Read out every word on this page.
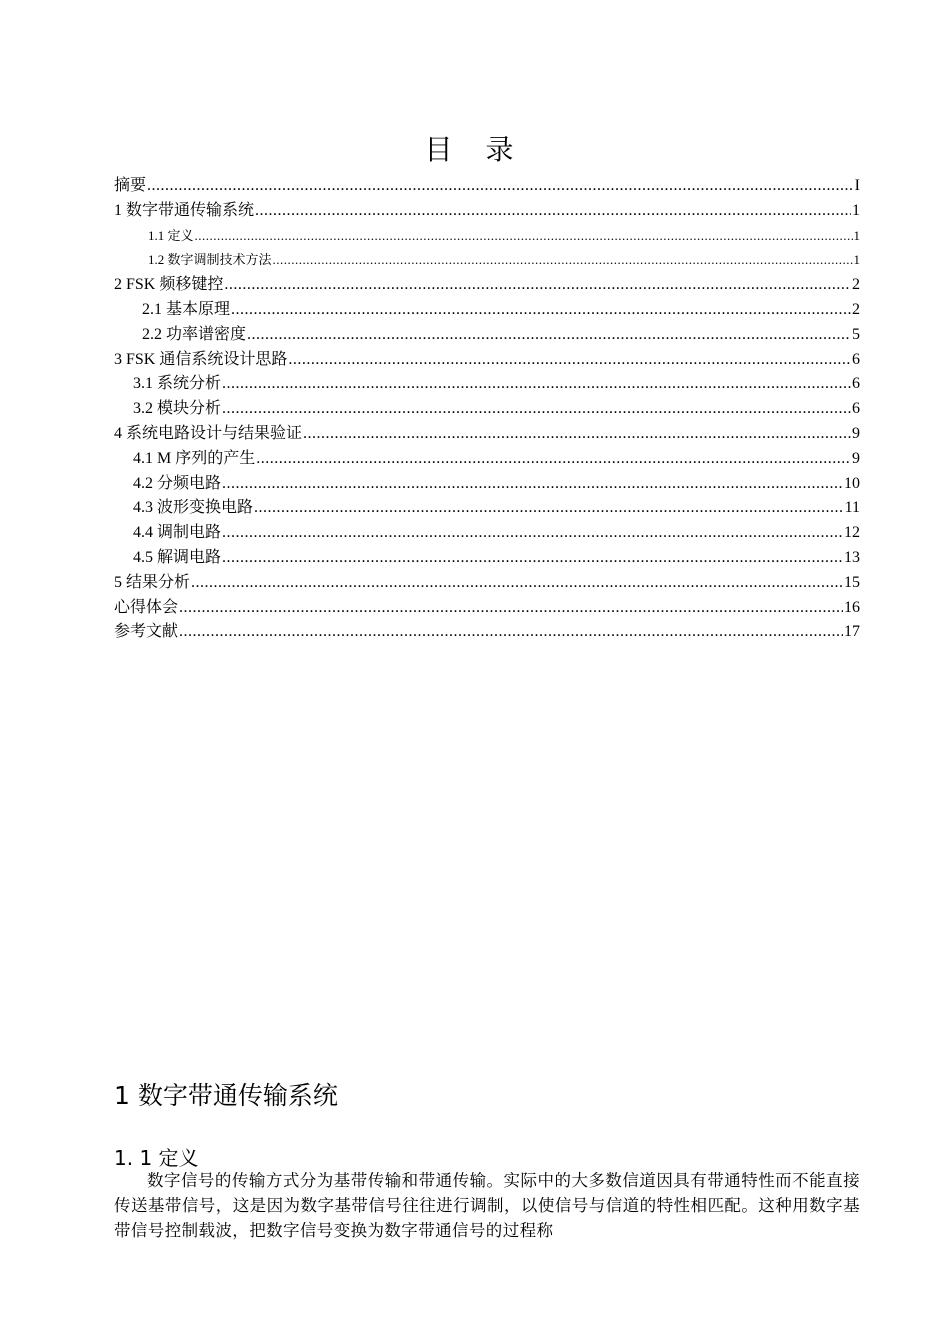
目 录
摘要 .....	I
1 数字带通传输系统 .....	1
1.1 定义 .....	1
1.2 数字调制技术方法 .....	1
2 FSK 频移键控 .....	2
2.1 基本原理 .....	2
2.2 功率谱密度 .....	5
3 FSK 通信系统设计思路 .....	6
3.1 系统分析 .....	6
3.2 模块分析 .....	6
4 系统电路设计与结果验证 .....	9
4.1 M 序列的产生 .....	9
4.2 分频电路 .....	10
4.3 波形变换电路 .....	11
4.4 调制电路 .....	12
4.5 解调电路 .....	13
5 结果分析 .....	15
心得体会 .....	16
参考文献 .....	17
1 数字带通传输系统
1. 1 定义
数字信号的传输方式分为基带传输和带通传输。实际中的大多数信道因具有带通特性而不能直接传送基带信号，这是因为数字基带信号往往进行调制，以使信号与信道的特性相匹配。这种用数字基带信号控制载波，把数字信号变换为数字带通信号的过程称
